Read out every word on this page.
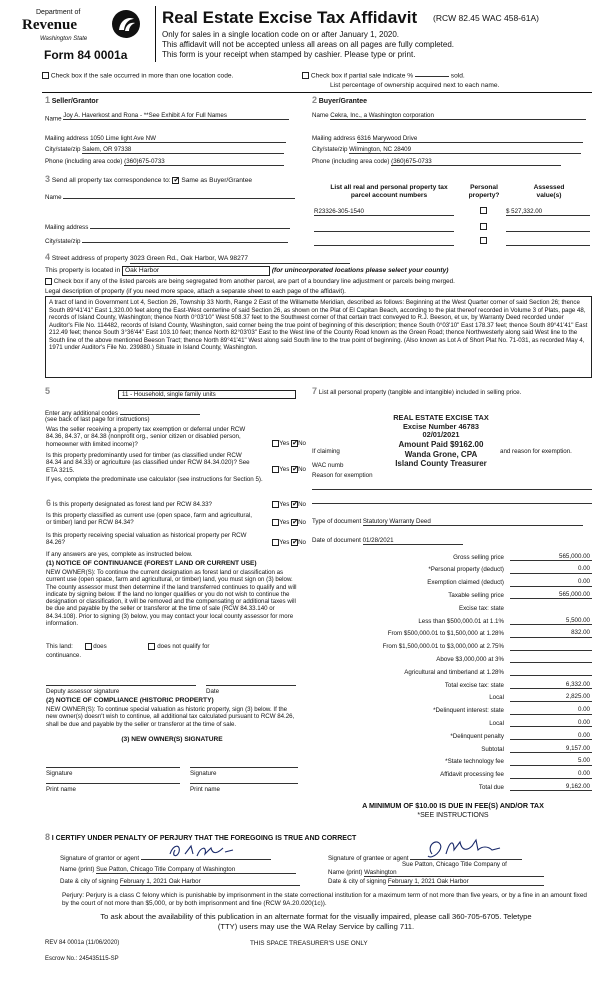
Department of
Revenue
Washington State
Form 84 0001a
Real Estate Excise Tax Affidavit (RCW 82.45 WAC 458-61A)
Only for sales in a single location code on or after January 1, 2020.
This affidavit will not be accepted unless all areas on all pages are fully completed.
This form is your receipt when stamped by cashier. Please type or print.
Check box if the sale occurred in more than one location code.	Check box if partial sale indicate %	sold.
List percentage of ownership acquired next to each name.
1 Seller/Grantor
Name Joy A. Haverkost and Rona - **See Exhibit A for Full Names
Mailing address 1050 Lime light Ave NW
City/state/zip Salem, OR 97338
Phone (including area code) (360)675-0733
2 Buyer/Grantee
Name Cekra, Inc., a Washington corporation
Mailing address 6316 Marywood Drive
City/state/zip Wilmington, NC 28409
Phone (including area code) (360)675-0733
3 Send all property tax correspondence to: ✔ Same as Buyer/Grantee
Name
Mailing address
City/state/zip
List all real and personal property tax
parcel account numbers
Personal
property?
Assessed
value(s)
R23326-305-1540	$ 527,332.00
4 Street address of property 3023 Green Rd., Oak Harbor, WA 98277
This property is located in Oak Harbor	(for unincorporated locations please select your county)
Check box if any of the listed parcels are being segregated from another parcel, are part of a boundary line adjustment or parcels being merged.
Legal description of property (if you need more space, attach a separate sheet to each page of the affidavit).
A tract of land in Government Lot 4, Section 26, Township 33 North, Range 2 East of the Willamette Meridian, described as follows: Beginning at the West Quarter corner of said Section 26; thence South 89°41'41" East 1,320.00 feet along the East-West centerline of said Section 26, as shown on the Plat of El Capitan Beach, according to the plat thereof recorded in Volume 3 of Plats, page 48, records of Island County, Washington; thence North 0°03'10" West 508.37 feet to the Southwest corner of that certain tract conveyed to R.J. Beeson, et ux, by Warranty Deed recorded under Auditor's File No. 114482, records of Island County, Washington, said corner being the true point of beginning of this description; thence South 0°03'10" East 178.37 feet; thence South 89°41'41" East 212.49 feet; thence South 3°36'44" East 103.10 feet; thence North 82°03'03" East to the West line of the County Road known as the Green Road; thence Northwesterly along said West line to the South line of the above mentioned Beeson Tract; thence North 89°41'41" West along said South line to the true point of beginning. (Also known as Lot A of Short Plat No. 71-031, as recorded May 4, 1971 under Auditor's File No. 239880.) Situate in Island County, Washington.
5	11 - Household, single family units
Enter any additional codes
(see back of last page for instructions)
Was the seller receiving a property tax exemption or deferral under RCW 84.36, 84.37, or 84.38 (nonprofit org., senior citizen or disabled person, homeowner with limited income)?	Yes ✔ No
Is this property predominantly used for timber (as classified under RCW 84.34 and 84.33) or agriculture (as classified under RCW 84.34.020)? See ETA 3215.	Yes ✔ No
If yes, complete the predominate use calculator (see instructions for Section 5).
6 Is this property designated as forest land per RCW 84.33?	Yes ✔ No
Is this property classified as current use (open space, farm and agricultural, or timber) land per RCW 84.34?	Yes ✔ No
Is this property receiving special valuation as historical property per RCW 84.26?	Yes ✔ No
If any answers are yes, complete as instructed below.
(1) NOTICE OF CONTINUANCE (FOREST LAND OR CURRENT USE)
NEW OWNER(S): To continue the current designation as forest land or classification as current use (open space, farm and agricultural, or timber) land, you must sign on (3) below. The county assessor must then determine if the land transferred continues to qualify and will indicate by signing below. If the land no longer qualifies or you do not wish to continue the designation or classification, it will be removed and the compensating or additional taxes will be due and payable by the seller or transferor at the time of sale (RCW 84.33.140 or 84.34.108). Prior to signing (3) below, you may contact your local county assessor for more information.
This land:	does	does not qualify for
continuance.
Deputy assessor signature	Date
(2) NOTICE OF COMPLIANCE (HISTORIC PROPERTY)
NEW OWNER(S): To continue special valuation as historic property, sign (3) below. If the new owner(s) doesn't wish to continue, all additional tax calculated pursuant to RCW 84.26, shall be due and payable by the seller or transferor at the time of sale.
(3) NEW OWNER(S) SIGNATURE
Signature	Signature
Print name	Print name
7 List all personal property (tangible and intangible) included in selling price.
REAL ESTATE EXCISE TAX
Excise Number 46783
02/01/2021
Amount Paid $9162.00
Wanda Grone, CPA
Island County Treasurer
If claiming	and reason for exemption.
WAC numb
Reason for exemption
Type of document Statutory Warranty Deed
Date of document 01/28/2021
Gross selling price	565,000.00
*Personal property (deduct)	0.00
Exemption claimed (deduct)	0.00
Taxable selling price	565,000.00
Excise tax: state
Less than $500,000.01 at 1.1%	5,500.00
From $500,000.01 to $1,500,000 at 1.28%	832.00
From $1,500,000.01 to $3,000,000 at 2.75%
Above $3,000,000 at 3%
Agricultural and timberland at 1.28%
Total excise tax: state	6,332.00
Local	2,825.00
*Delinquent interest: state	0.00
Local	0.00
*Delinquent penalty	0.00
Subtotal	9,157.00
*State technology fee	5.00
Affidavit processing fee	0.00
Total due	9,162.00
A MINIMUM OF $10.00 IS DUE IN FEE(S) AND/OR TAX
*SEE INSTRUCTIONS
8 I CERTIFY UNDER PENALTY OF PERJURY THAT THE FOREGOING IS TRUE AND CORRECT
Signature of grantor or agent	Signature of grantee or agent
Name (print) Sue Patton, Chicago Title Company of Washington
Sue Patton, Chicago Title Company of
Name (print) Washington
Date & city of signing February 1, 2021 Oak Harbor	Date & city of signing February 1, 2021 Oak Harbor
Perjury: Perjury is a class C felony which is punishable by imprisonment in the state correctional institution for a maximum term of not more than five years, or by a fine in an amount fixed by the court of not more than $5,000, or by both imprisonment and fine (RCW 9A.20.020(1c)).
To ask about the availability of this publication in an alternate format for the visually impaired, please call 360-705-6705. Teletype
(TTY) users may use the WA Relay Service by calling 711.
REV 84 0001a (11/06/2020)	THIS SPACE TREASURER'S USE ONLY
Escrow No.: 245435115-SP
